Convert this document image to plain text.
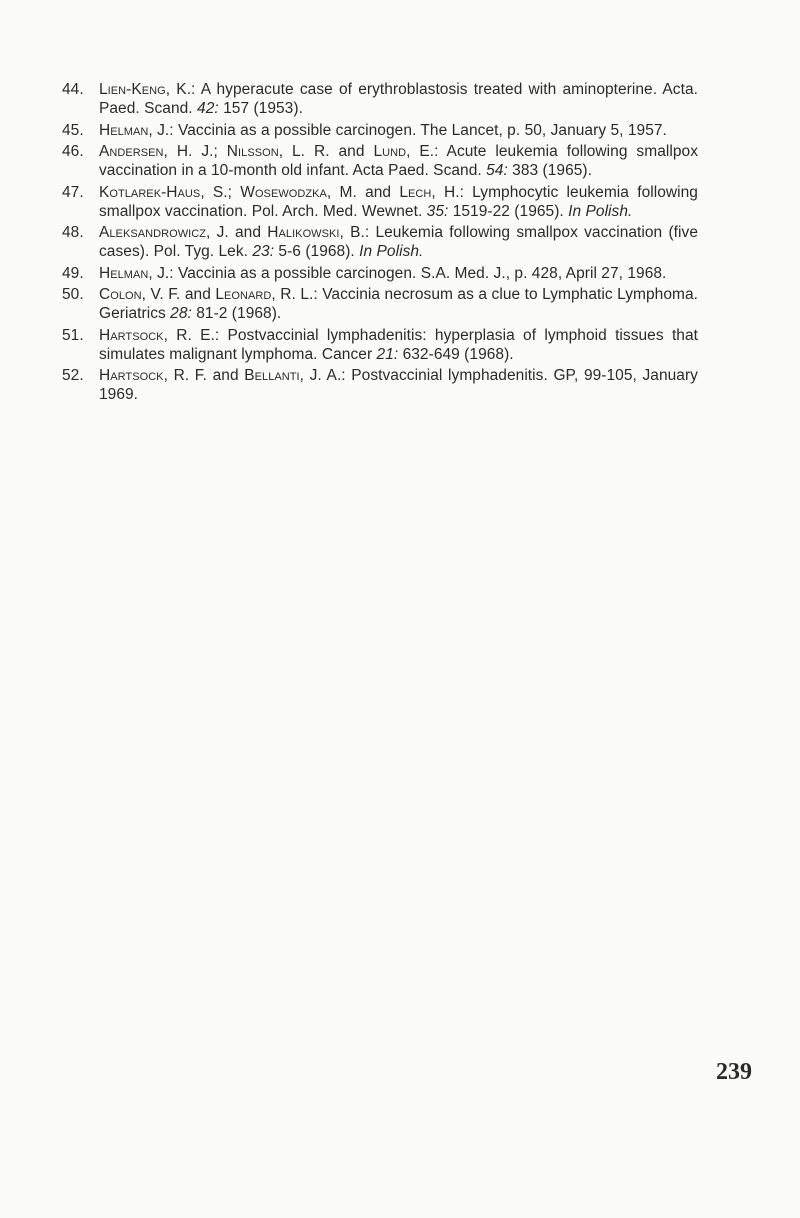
44. Lien-Keng, K.: A hyperacute case of erythroblastosis treated with aminopterine. Acta. Paed. Scand. 42: 157 (1953).
45. Helman, J.: Vaccinia as a possible carcinogen. The Lancet, p. 50, January 5, 1957.
46. Andersen, H. J.; Nilsson, L. R. and Lund, E.: Acute leukemia following smallpox vaccination in a 10-month old infant. Acta Paed. Scand. 54: 383 (1965).
47. Kotlarek-Haus, S.; Wosewodzka, M. and Lech, H.: Lymphocytic leukemia following smallpox vaccination. Pol. Arch. Med. Wewnet. 35: 1519-22 (1965). In Polish.
48. Aleksandrowicz, J. and Halikowski, B.: Leukemia following smallpox vaccination (five cases). Pol. Tyg. Lek. 23: 5-6 (1968). In Polish.
49. Helman, J.: Vaccinia as a possible carcinogen. S.A. Med. J., p. 428, April 27, 1968.
50. Colon, V. F. and Leonard, R. L.: Vaccinia necrosum as a clue to Lymphatic Lymphoma. Geriatrics 28: 81-2 (1968).
51. Hartsock, R. E.: Postvaccinial lymphadenitis: hyperplasia of lymphoid tissues that simulates malignant lymphoma. Cancer 21: 632-649 (1968).
52. Hartsock, R. F. and Bellanti, J. A.: Postvaccinial lymphadenitis. GP, 99-105, January 1969.
239
